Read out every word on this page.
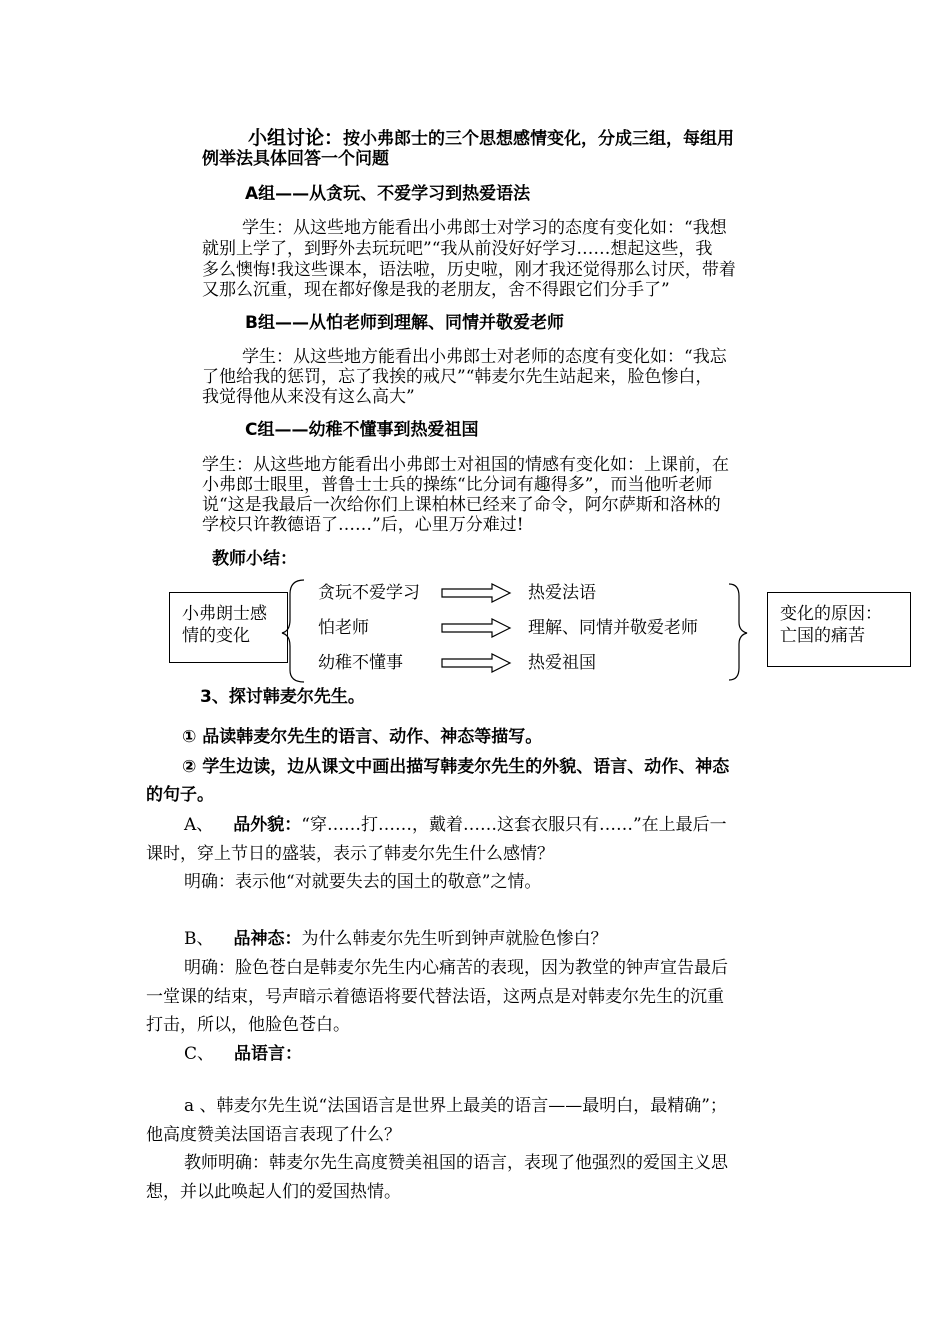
小组讨论：按小弗郎士的三个思想感情变化，分成三组，每组用
例举法具体回答一个问题
A组——从贪玩、不爱学习到热爱语法
学生：从这些地方能看出小弗郎士对学习的态度有变化如：“我想
就别上学了，到野外去玩玩吧”“我从前没好好学习……想起这些，我
多么懊悔!我这些课本，语法啦，历史啦，刚才我还觉得那么讨厌，带着
又那么沉重，现在都好像是我的老朋友，舍不得跟它们分手了”
B组——从怕老师到理解、同情并敬爱老师
学生：从这些地方能看出小弗郎士对老师的态度有变化如：“我忘
了他给我的惩罚，忘了我挨的戒尺”“韩麦尔先生站起来，脸色惨白，
我觉得他从来没有这么高大”
C组——幼稚不懂事到热爱祖国
学生：从这些地方能看出小弗郎士对祖国的情感有变化如：上课前，在
小弗郎士眼里，普鲁士士兵的操练“比分词有趣得多”，而当他听老师
说“这是我最后一次给你们上课柏林已经来了命令，阿尔萨斯和洛林的
学校只许教德语了……”后，心里万分难过!
教师小结：
小弗朗士感
情的变化
变化的原因：
亡国的痛苦
贪玩不爱学习	热爱法语
怕老师	理解、同情并敬爱老师
幼稚不懂事	热爱祖国
3、探讨韩麦尔先生。
① 品读韩麦尔先生的语言、动作、神态等描写。
② 学生边读，边从课文中画出描写韩麦尔先生的外貌、语言、动作、神态
的句子。
A、 品外貌：“穿……打……，戴着……这套衣服只有……”在上最后一
课时，穿上节日的盛装，表示了韩麦尔先生什么感情？
明确：表示他“对就要失去的国土的敬意”之情。
B、 品神态：为什么韩麦尔先生听到钟声就脸色惨白？
明确：脸色苍白是韩麦尔先生内心痛苦的表现，因为教堂的钟声宣告最后
一堂课的结束，号声暗示着德语将要代替法语，这两点是对韩麦尔先生的沉重
打击，所以，他脸色苍白。
C、 品语言：
a 、韩麦尔先生说“法国语言是世界上最美的语言——最明白，最精确”；
他高度赞美法国语言表现了什么？
教师明确：韩麦尔先生高度赞美祖国的语言，表现了他强烈的爱国主义思
想，并以此唤起人们的爱国热情。
